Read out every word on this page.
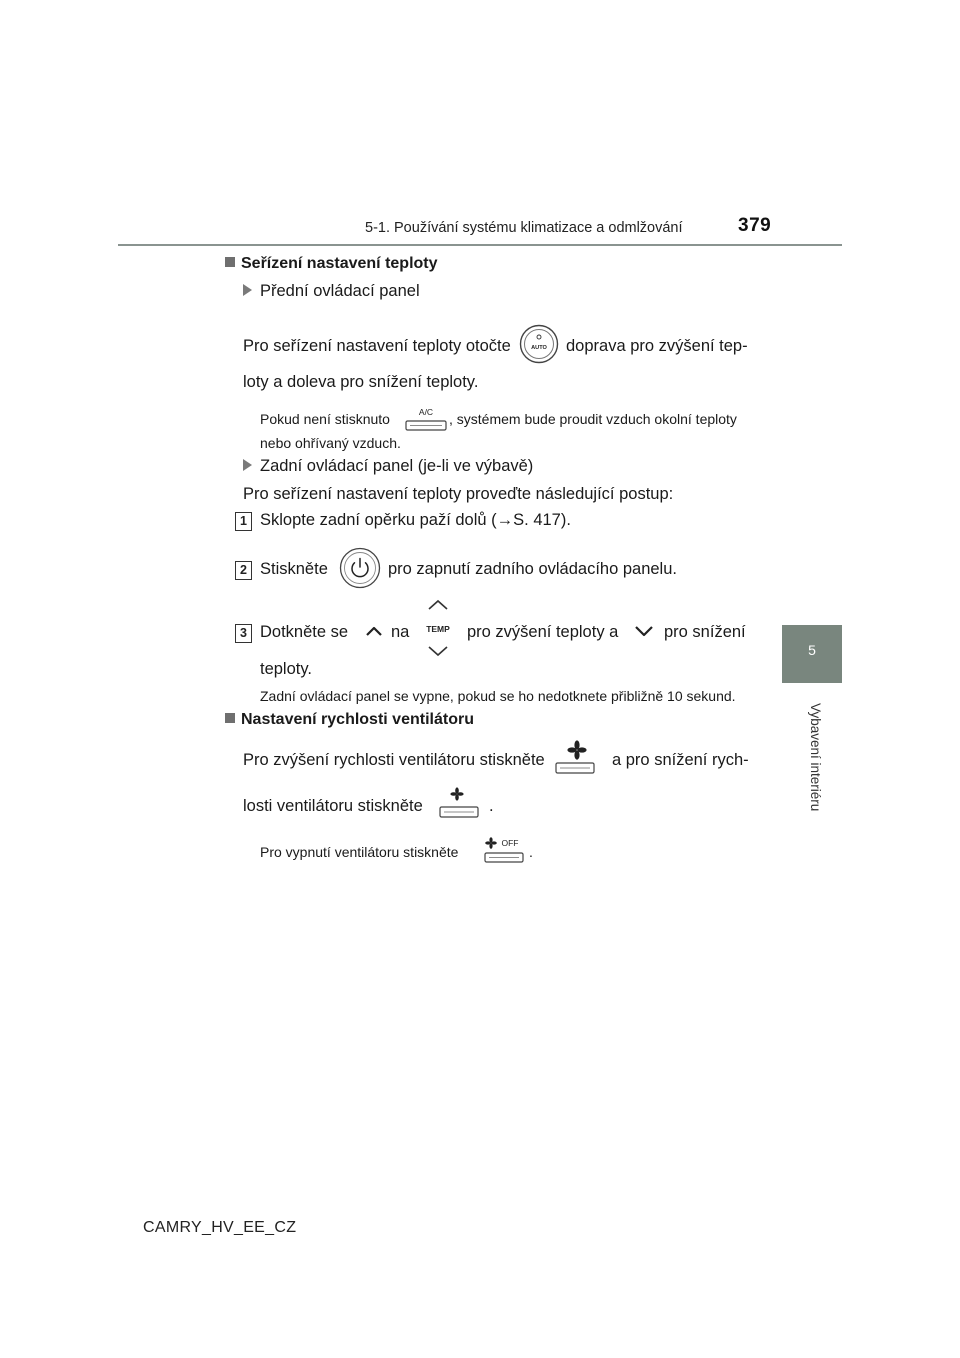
5-1. Používání systému klimatizace a odmlžování	379
5
Vybavení interiéru
Seřízení nastavení teploty
Přední ovládací panel
Pro seřízení nastavení teploty otočte	AUTO doprava pro zvýšení tep-
loty a doleva pro snížení teploty.
Pokud není stisknuto	A/C , systémem bude proudit vzduch okolní teploty
nebo ohřívaný vzduch.
Zadní ovládací panel (je-li ve výbavě)
Pro seřízení nastavení teploty proveďte následující postup:
1 Sklopte zadní opěrku paží dolů (→S. 417).
2 Stiskněte	pro zapnutí zadního ovládacího panelu.
3 Dotkněte se	na TEMP pro zvýšení teploty a	pro snížení
teploty.
Zadní ovládací panel se vypne, pokud se ho nedotknete přibližně 10 sekund.
Nastavení rychlosti ventilátoru
Pro zvýšení rychlosti ventilátoru stiskněte	a pro snížení rych-
losti ventilátoru stiskněte	.
Pro vypnutí ventilátoru stiskněte
OFF
.
CAMRY_HV_EE_CZ
